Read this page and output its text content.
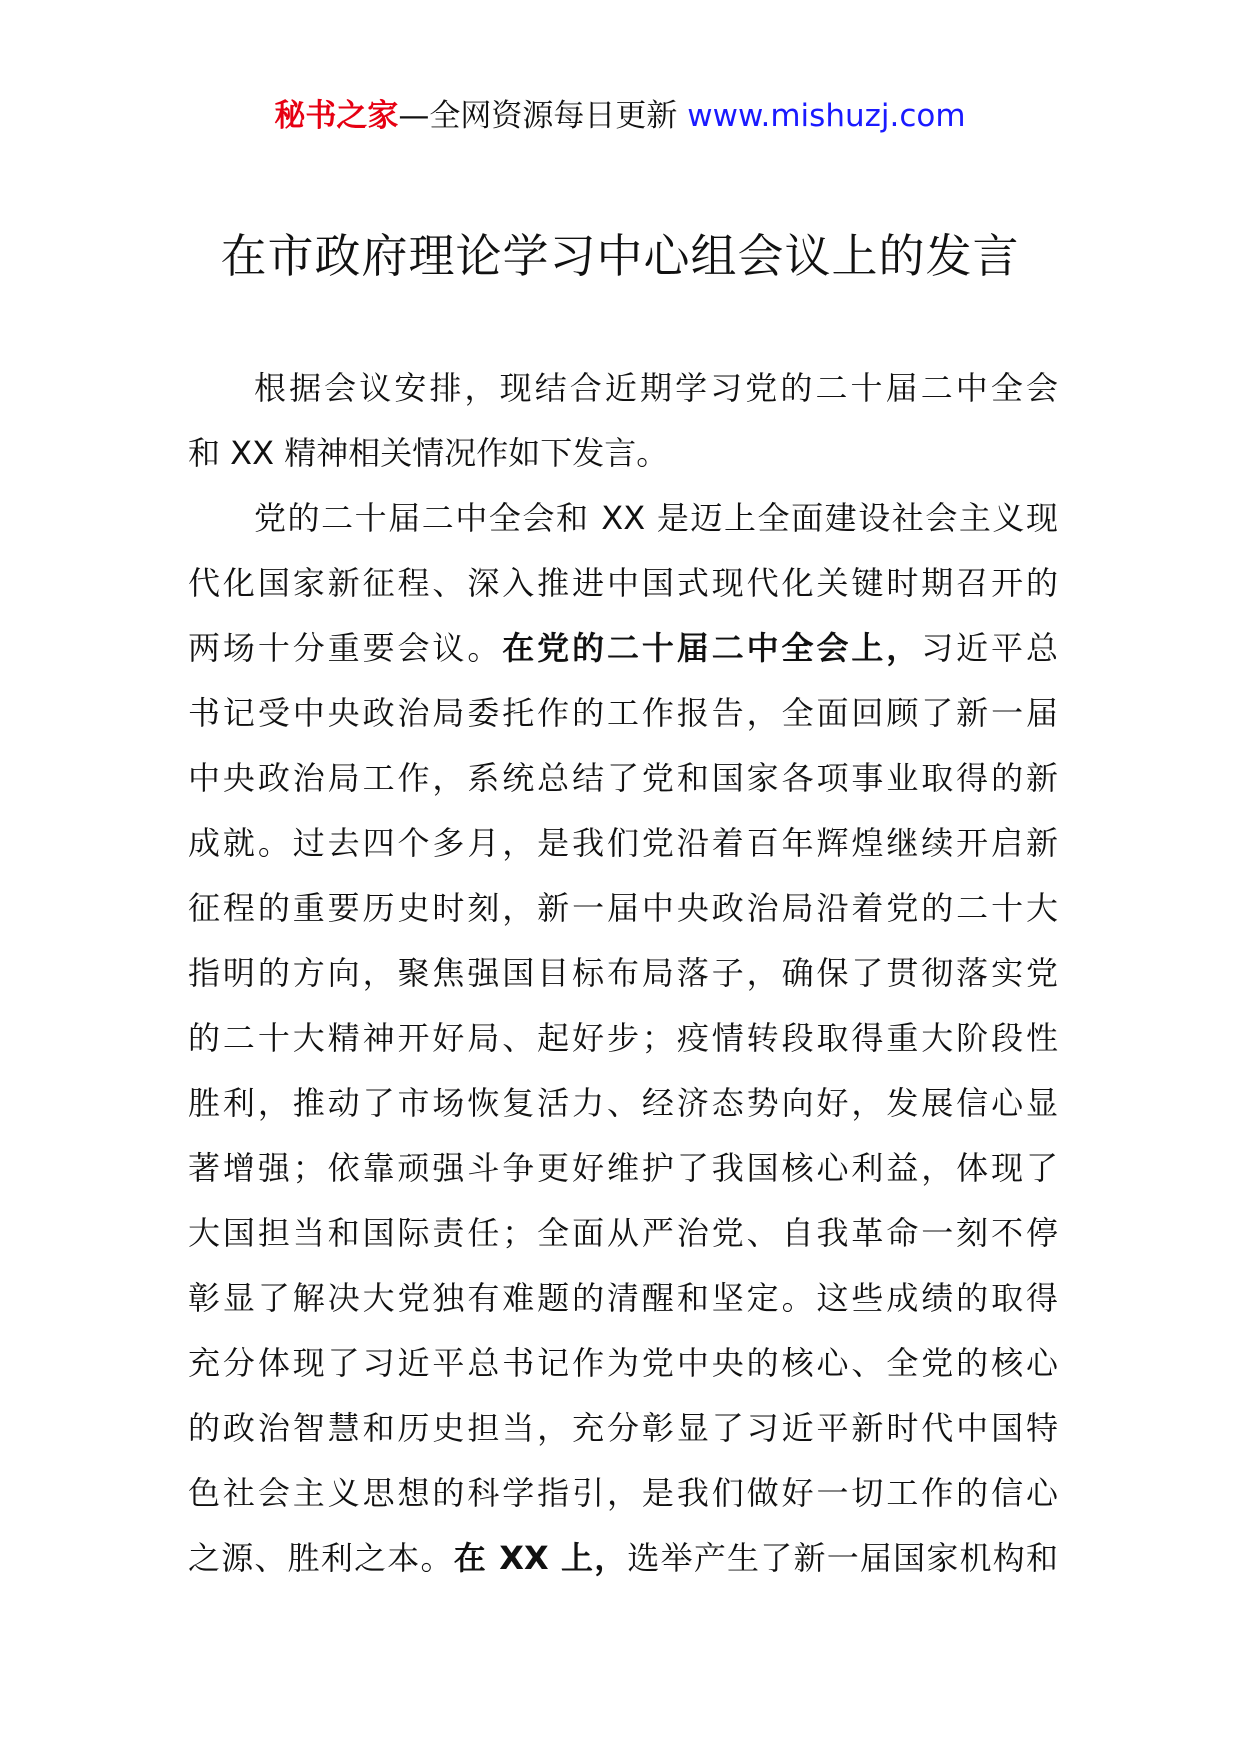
秘书之家—全网资源每日更新 www.mishuzj.com
在市政府理论学习中心组会议上的发言
根据会议安排，现结合近期学习党的二十届二中全会
和 XX 精神相关情况作如下发言。
党的二十届二中全会和 XX 是迈上全面建设社会主义现
代化国家新征程、深入推进中国式现代化关键时期召开的
两场十分重要会议。在党的二十届二中全会上，习近平总
书记受中央政治局委托作的工作报告，全面回顾了新一届
中央政治局工作，系统总结了党和国家各项事业取得的新
成就。过去四个多月，是我们党沿着百年辉煌继续开启新
征程的重要历史时刻，新一届中央政治局沿着党的二十大
指明的方向，聚焦强国目标布局落子，确保了贯彻落实党
的二十大精神开好局、起好步；疫情转段取得重大阶段性
胜利，推动了市场恢复活力、经济态势向好，发展信心显
著增强；依靠顽强斗争更好维护了我国核心利益，体现了
大国担当和国际责任；全面从严治党、自我革命一刻不停
彰显了解决大党独有难题的清醒和坚定。这些成绩的取得
充分体现了习近平总书记作为党中央的核心、全党的核心
的政治智慧和历史担当，充分彰显了习近平新时代中国特
色社会主义思想的科学指引，是我们做好一切工作的信心
之源、胜利之本。在 XX 上，选举产生了新一届国家机构和
